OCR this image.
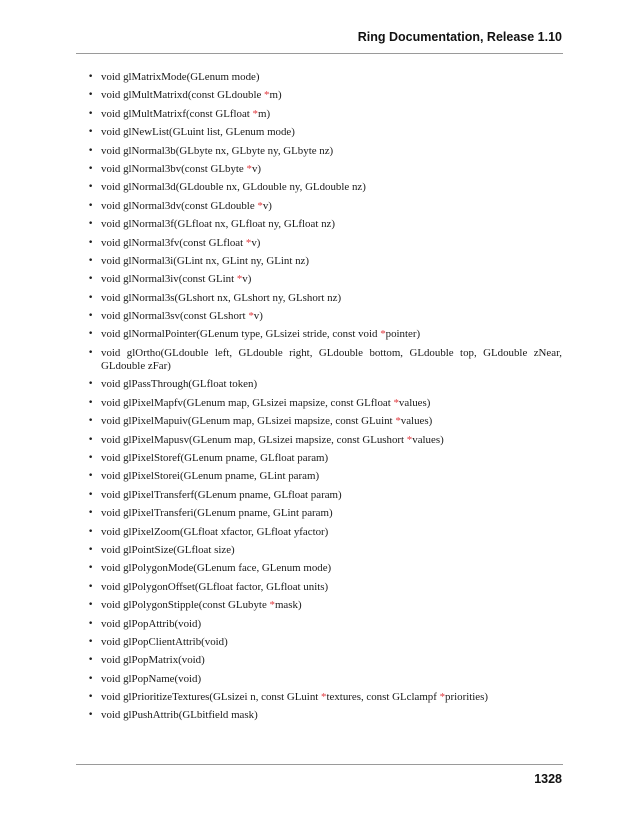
Ring Documentation, Release 1.10
• void glMatrixMode(GLenum mode)
• void glMultMatrixd(const GLdouble *m)
• void glMultMatrixf(const GLfloat *m)
• void glNewList(GLuint list, GLenum mode)
• void glNormal3b(GLbyte nx, GLbyte ny, GLbyte nz)
• void glNormal3bv(const GLbyte *v)
• void glNormal3d(GLdouble nx, GLdouble ny, GLdouble nz)
• void glNormal3dv(const GLdouble *v)
• void glNormal3f(GLfloat nx, GLfloat ny, GLfloat nz)
• void glNormal3fv(const GLfloat *v)
• void glNormal3i(GLint nx, GLint ny, GLint nz)
• void glNormal3iv(const GLint *v)
• void glNormal3s(GLshort nx, GLshort ny, GLshort nz)
• void glNormal3sv(const GLshort *v)
• void glNormalPointer(GLenum type, GLsizei stride, const void *pointer)
• void glOrtho(GLdouble left, GLdouble right, GLdouble bottom, GLdouble top, GLdouble zNear, GLdouble zFar)
• void glPassThrough(GLfloat token)
• void glPixelMapfv(GLenum map, GLsizei mapsize, const GLfloat *values)
• void glPixelMapuiv(GLenum map, GLsizei mapsize, const GLuint *values)
• void glPixelMapusv(GLenum map, GLsizei mapsize, const GLushort *values)
• void glPixelStoref(GLenum pname, GLfloat param)
• void glPixelStorei(GLenum pname, GLint param)
• void glPixelTransferf(GLenum pname, GLfloat param)
• void glPixelTransferi(GLenum pname, GLint param)
• void glPixelZoom(GLfloat xfactor, GLfloat yfactor)
• void glPointSize(GLfloat size)
• void glPolygonMode(GLenum face, GLenum mode)
• void glPolygonOffset(GLfloat factor, GLfloat units)
• void glPolygonStipple(const GLubyte *mask)
• void glPopAttrib(void)
• void glPopClientAttrib(void)
• void glPopMatrix(void)
• void glPopName(void)
• void glPrioritizeTextures(GLsizei n, const GLuint *textures, const GLclampf *priorities)
• void glPushAttrib(GLbitfield mask)
1328
